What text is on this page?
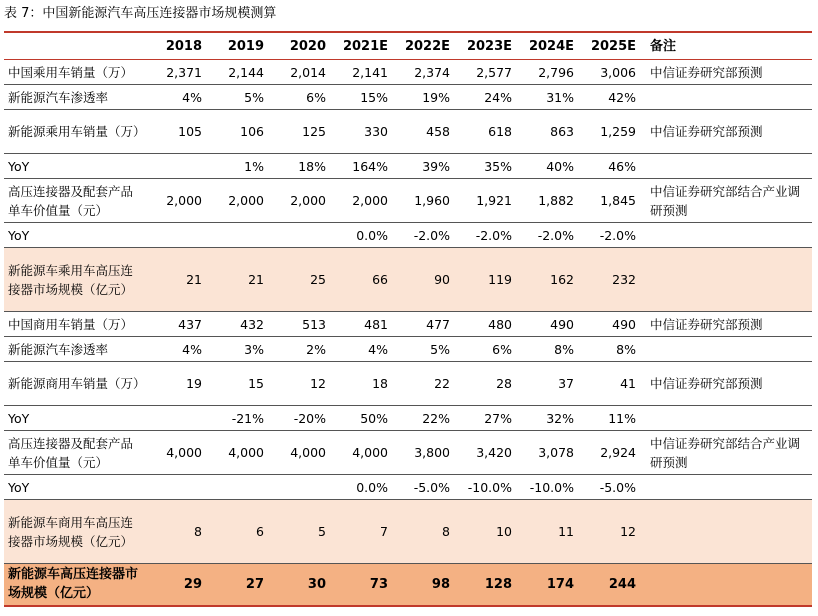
表 7：中国新能源汽车高压连接器市场规模测算
	2018	2019	2020	2021E	2022E	2023E	2024E	2025E	备注
中国乘用车销量（万）	2,371	2,144	2,014	2,141	2,374	2,577	2,796	3,006	中信证券研究部预测
新能源汽车渗透率	4%	5%	6%	15%	19%	24%	31%	42%	
新能源乘用车销量（万）	105	106	125	330	458	618	863	1,259	中信证券研究部预测
YoY		1%	18%	164%	39%	35%	40%	46%	
高压连接器及配套产品单车价值量（元）	2,000	2,000	2,000	2,000	1,960	1,921	1,882	1,845	中信证券研究部结合产业调研预测
YoY				0.0%	-2.0%	-2.0%	-2.0%	-2.0%	
新能源车乘用车高压连接器市场规模（亿元）	21	21	25	66	90	119	162	232	
中国商用车销量（万）	437	432	513	481	477	480	490	490	中信证券研究部预测
新能源汽车渗透率	4%	3%	2%	4%	5%	6%	8%	8%	
新能源商用车销量（万）	19	15	12	18	22	28	37	41	中信证券研究部预测
YoY		-21%	-20%	50%	22%	27%	32%	11%	
高压连接器及配套产品单车价值量（元）	4,000	4,000	4,000	4,000	3,800	3,420	3,078	2,924	中信证券研究部结合产业调研预测
YoY				0.0%	-5.0%	-10.0%	-10.0%	-5.0%	
新能源车商用车高压连接器市场规模（亿元）	8	6	5	7	8	10	11	12	
新能源车高压连接器市场规模（亿元）	29	27	30	73	98	128	174	244	
